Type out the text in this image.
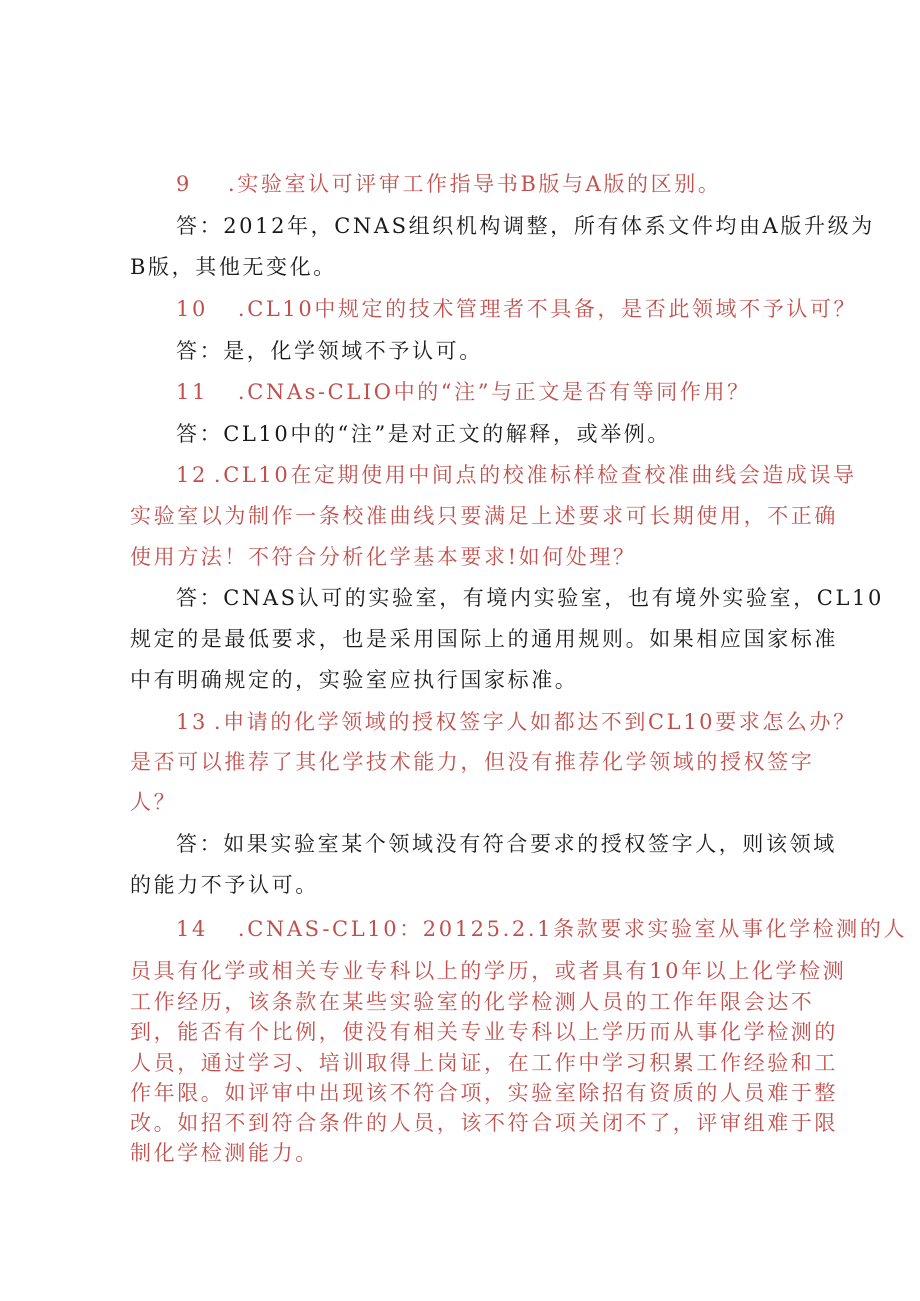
9 .实验室认可评审工作指导书B版与A版的区别。
答：2012年，CNAS组织机构调整，所有体系文件均由A版升级为
B版，其他无变化。
10 .CL10中规定的技术管理者不具备，是否此领域不予认可？
答：是，化学领域不予认可。
11 .CNAs-CLIO中的“注”与正文是否有等同作用？
答：CL10中的“注”是对正文的解释，或举例。
12 .CL10在定期使用中间点的校准标样检查校准曲线会造成误导
实验室以为制作一条校准曲线只要满足上述要求可长期使用，不正确
使用方法！不符合分析化学基本要求!如何处理？
答：CNAS认可的实验室，有境内实验室，也有境外实验室，CL10
规定的是最低要求，也是采用国际上的通用规则。如果相应国家标准
中有明确规定的，实验室应执行国家标准。
13 .申请的化学领域的授权签字人如都达不到CL10要求怎么办？
是否可以推荐了其化学技术能力，但没有推荐化学领域的授权签字
人？
答：如果实验室某个领域没有符合要求的授权签字人，则该领域
的能力不予认可。
14 .CNAS-CL10：20125.2.1条款要求实验室从事化学检测的人
员具有化学或相关专业专科以上的学历，或者具有10年以上化学检测
工作经历，该条款在某些实验室的化学检测人员的工作年限会达不
到，能否有个比例，使没有相关专业专科以上学历而从事化学检测的
人员，通过学习、培训取得上岗证，在工作中学习积累工作经验和工
作年限。如评审中出现该不符合项，实验室除招有资质的人员难于整
改。如招不到符合条件的人员，该不符合项关闭不了，评审组难于限
制化学检测能力。
